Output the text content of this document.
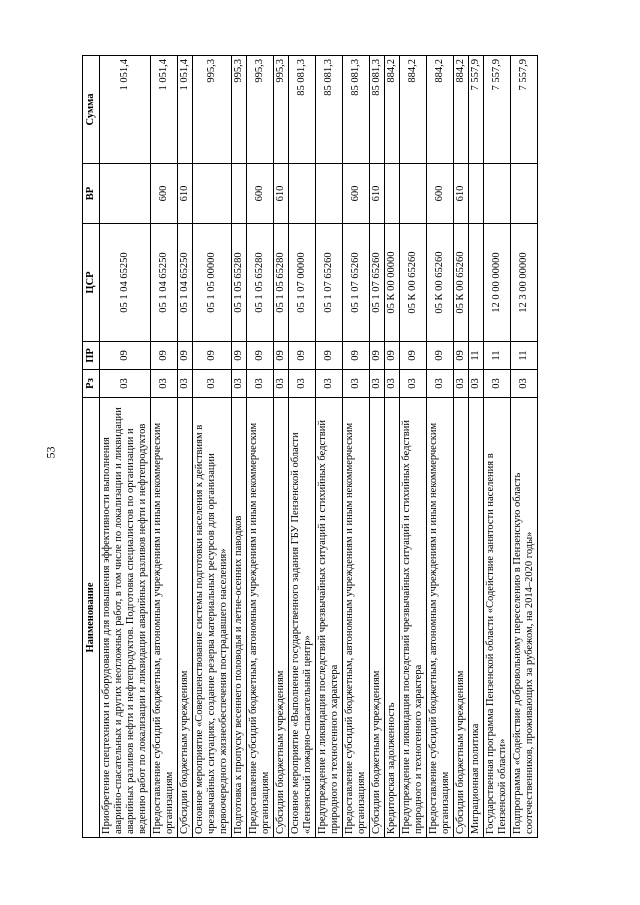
53
Наименование	Рз	ПР	ЦСР	ВР	Сумма
Приобретение спецтехники и оборудования для повышения эффективности выполнения аварийно-спасательных и других неотложных работ, в том числе по локализации и ликвидации аварийных разливов нефти и нефтепродуктов. Подготовка специалистов по организации и ведению работ по локализации и ликвидации аварийных разливов нефти и нефтепродуктов	03	09	05 1 04 65250		1 051,4
Предоставление субсидий бюджетным, автономным учреждениям и иным некоммерческим организациям	03	09	05 1 04 65250	600	1 051,4
Субсидии бюджетным учреждениям	03	09	05 1 04 65250	610	1 051,4
Основное мероприятие «Совершенствование системы подготовки населения к действиям в чрезвычайных ситуациях, создание резерва материальных ресурсов для организации первоочередного жизнеобеспечения пострадавшего населения»	03	09	05 1 05 00000		995,3
Подготовка к пропуску весеннего половодья и летне-осенних паводков	03	09	05 1 05 65280		995,3
Предоставление субсидий бюджетным, автономным учреждениям и иным некоммерческим организациям	03	09	05 1 05 65280	600	995,3
Субсидии бюджетным учреждениям	03	09	05 1 05 65280	610	995,3
Основное мероприятие «Выполнение государственного задания ГБУ Пензенской области «Пензенский пожарно-спасательный центр»	03	09	05 1 07 00000		85 081,3
Предупреждение и ликвидация последствий чрезвычайных ситуаций и стихийных бедствий природного и техногенного характера	03	09	05 1 07 65260		85 081,3
Предоставление субсидий бюджетным, автономным учреждениям и иным некоммерческим организациям	03	09	05 1 07 65260	600	85 081,3
Субсидии бюджетным учреждениям	03	09	05 1 07 65260	610	85 081,3
Кредиторская задолженность	03	09	05 К 00 00000		884,2
Предупреждение и ликвидация последствий чрезвычайных ситуаций и стихийных бедствий природного и техногенного характера	03	09	05 К 00 65260		884,2
Предоставление субсидий бюджетным, автономным учреждениям и иным некоммерческим организациям	03	09	05 К 00 65260	600	884,2
Субсидии бюджетным учреждениям	03	09	05 К 00 65260	610	884,2
Миграционная политика	03	11			7 557,9
Государственная программа Пензенской области «Содействие занятости населения в Пензенской области»	03	11	12 0 00 00000		7 557,9
Подпрограмма «Содействие добровольному переселению в Пензенскую область соотечественников, проживающих за рубежом, на 2014–2020 годы»	03	11	12 3 00 00000		7 557,9
